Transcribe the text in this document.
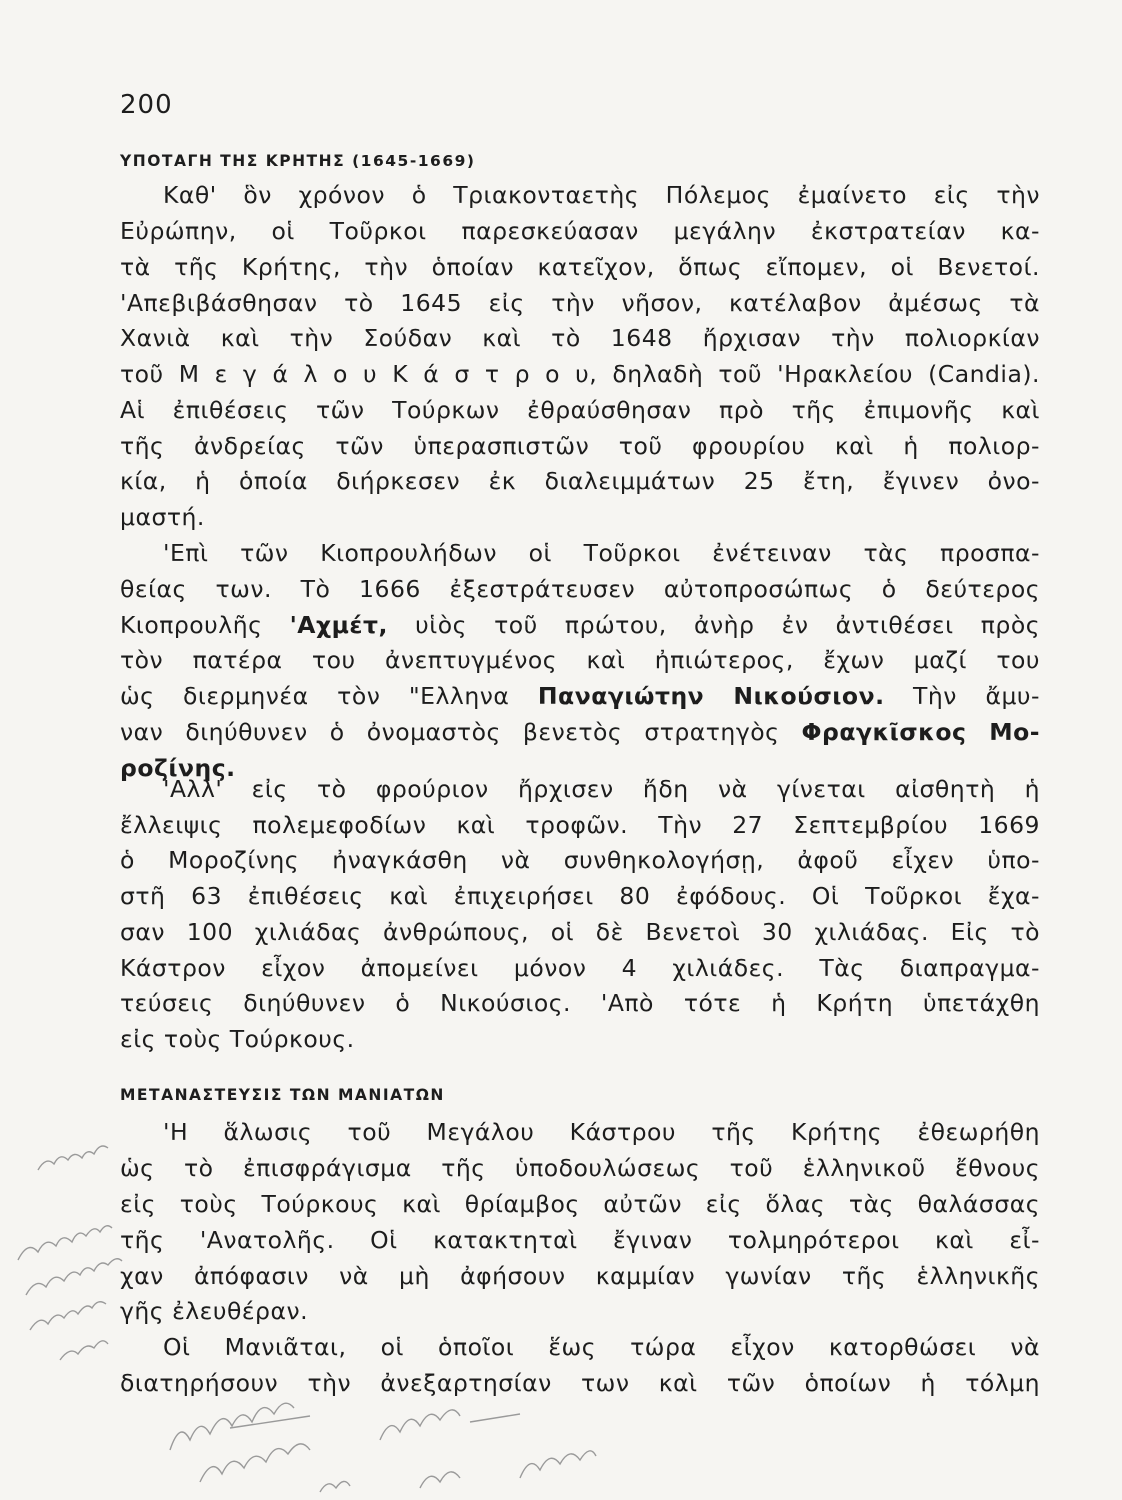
200
ΥΠΟΤΑΓΗ ΤΗΣ ΚΡΗΤΗΣ (1645-1669)
Καθ' ὃν χρόνον ὁ Τριακονταετὴς Πόλεμος ἐμαίνετο εἰς τὴν
Εὐρώπην, οἱ Τοῦρκοι παρεσκεύασαν μεγάλην ἐκστρατείαν κα-
τὰ τῆς Κρήτης, τὴν ὁποίαν κατεῖχον, ὅπως εἴπομεν, οἱ Βενετοί.
'Απεβιβάσθησαν τὸ 1645 εἰς τὴν νῆσον, κατέλαβον ἀμέσως τὰ
Χανιὰ καὶ τὴν Σούδαν καὶ τὸ 1648 ἤρχισαν τὴν πολιορκίαν
τοῦ Μ ε γ ά λ ο υ Κ ά σ τ ρ ο υ, δηλαδὴ τοῦ 'Ηρακλείου (Candia).
Αἱ ἐπιθέσεις τῶν Τούρκων ἐθραύσθησαν πρὸ τῆς ἐπιμονῆς καὶ
τῆς ἀνδρείας τῶν ὑπερασπιστῶν τοῦ φρουρίου καὶ ἡ πολιορ-
κία, ἡ ὁποία διήρκεσεν ἐκ διαλειμμάτων 25 ἔτη, ἔγινεν ὀνο-
μαστή.
'Επὶ τῶν Κιοπρουλήδων οἱ Τοῦρκοι ἐνέτειναν τὰς προσπα-
θείας των. Τὸ 1666 ἐξεστράτευσεν αὐτοπροσώπως ὁ δεύτερος
Κιοπρουλῆς 'Αχμέτ, υἱὸς τοῦ πρώτου, ἀνὴρ ἐν ἀντιθέσει πρὸς
τὸν πατέρα του ἀνεπτυγμένος καὶ ἠπιώτερος, ἔχων μαζί του
ὡς διερμηνέα τὸν "Ελληνα Παναγιώτην Νικούσιον. Τὴν ἄμυ-
ναν διηύθυνεν ὁ ὀνομαστὸς βενετὸς στρατηγὸς Φραγκῖσκος Μο-
ροζίνης.
'Αλλ' εἰς τὸ φρούριον ἤρχισεν ἤδη νὰ γίνεται αἰσθητὴ ἡ
ἔλλειψις πολεμεφοδίων καὶ τροφῶν. Τὴν 27 Σεπτεμβρίου 1669
ὁ Μοροζίνης ἠναγκάσθη νὰ συνθηκολογήσῃ, ἀφοῦ εἶχεν ὑπο-
στῆ 63 ἐπιθέσεις καὶ ἐπιχειρήσει 80 ἐφόδους. Οἱ Τοῦρκοι ἔχα-
σαν 100 χιλιάδας ἀνθρώπους, οἱ δὲ Βενετοὶ 30 χιλιάδας. Εἰς τὸ
Κάστρον εἶχον ἀπομείνει μόνον 4 χιλιάδες. Τὰς διαπραγμα-
τεύσεις διηύθυνεν ὁ Νικούσιος. 'Απὸ τότε ἡ Κρήτη ὑπετάχθη
εἰς τοὺς Τούρκους.
ΜΕΤΑΝΑΣΤΕΥΣΙΣ ΤΩΝ ΜΑΝΙΑΤΩΝ
'Η ἅλωσις τοῦ Μεγάλου Κάστρου τῆς Κρήτης ἐθεωρήθη
ὡς τὸ ἐπισφράγισμα τῆς ὑποδουλώσεως τοῦ ἑλληνικοῦ ἔθνους
εἰς τοὺς Τούρκους καὶ θρίαμβος αὐτῶν εἰς ὅλας τὰς θαλάσσας
τῆς 'Ανατολῆς. Οἱ κατακτηταὶ ἔγιναν τολμηρότεροι καὶ εἶ-
χαν ἀπόφασιν νὰ μὴ ἀφήσουν καμμίαν γωνίαν τῆς ἑλληνικῆς
γῆς ἐλευθέραν.
Οἱ Μανιᾶται, οἱ ὁποῖοι ἕως τώρα εἶχον κατορθώσει νὰ
διατηρήσουν τὴν ἀνεξαρτησίαν των καὶ τῶν ὁποίων ἡ τόλμη
